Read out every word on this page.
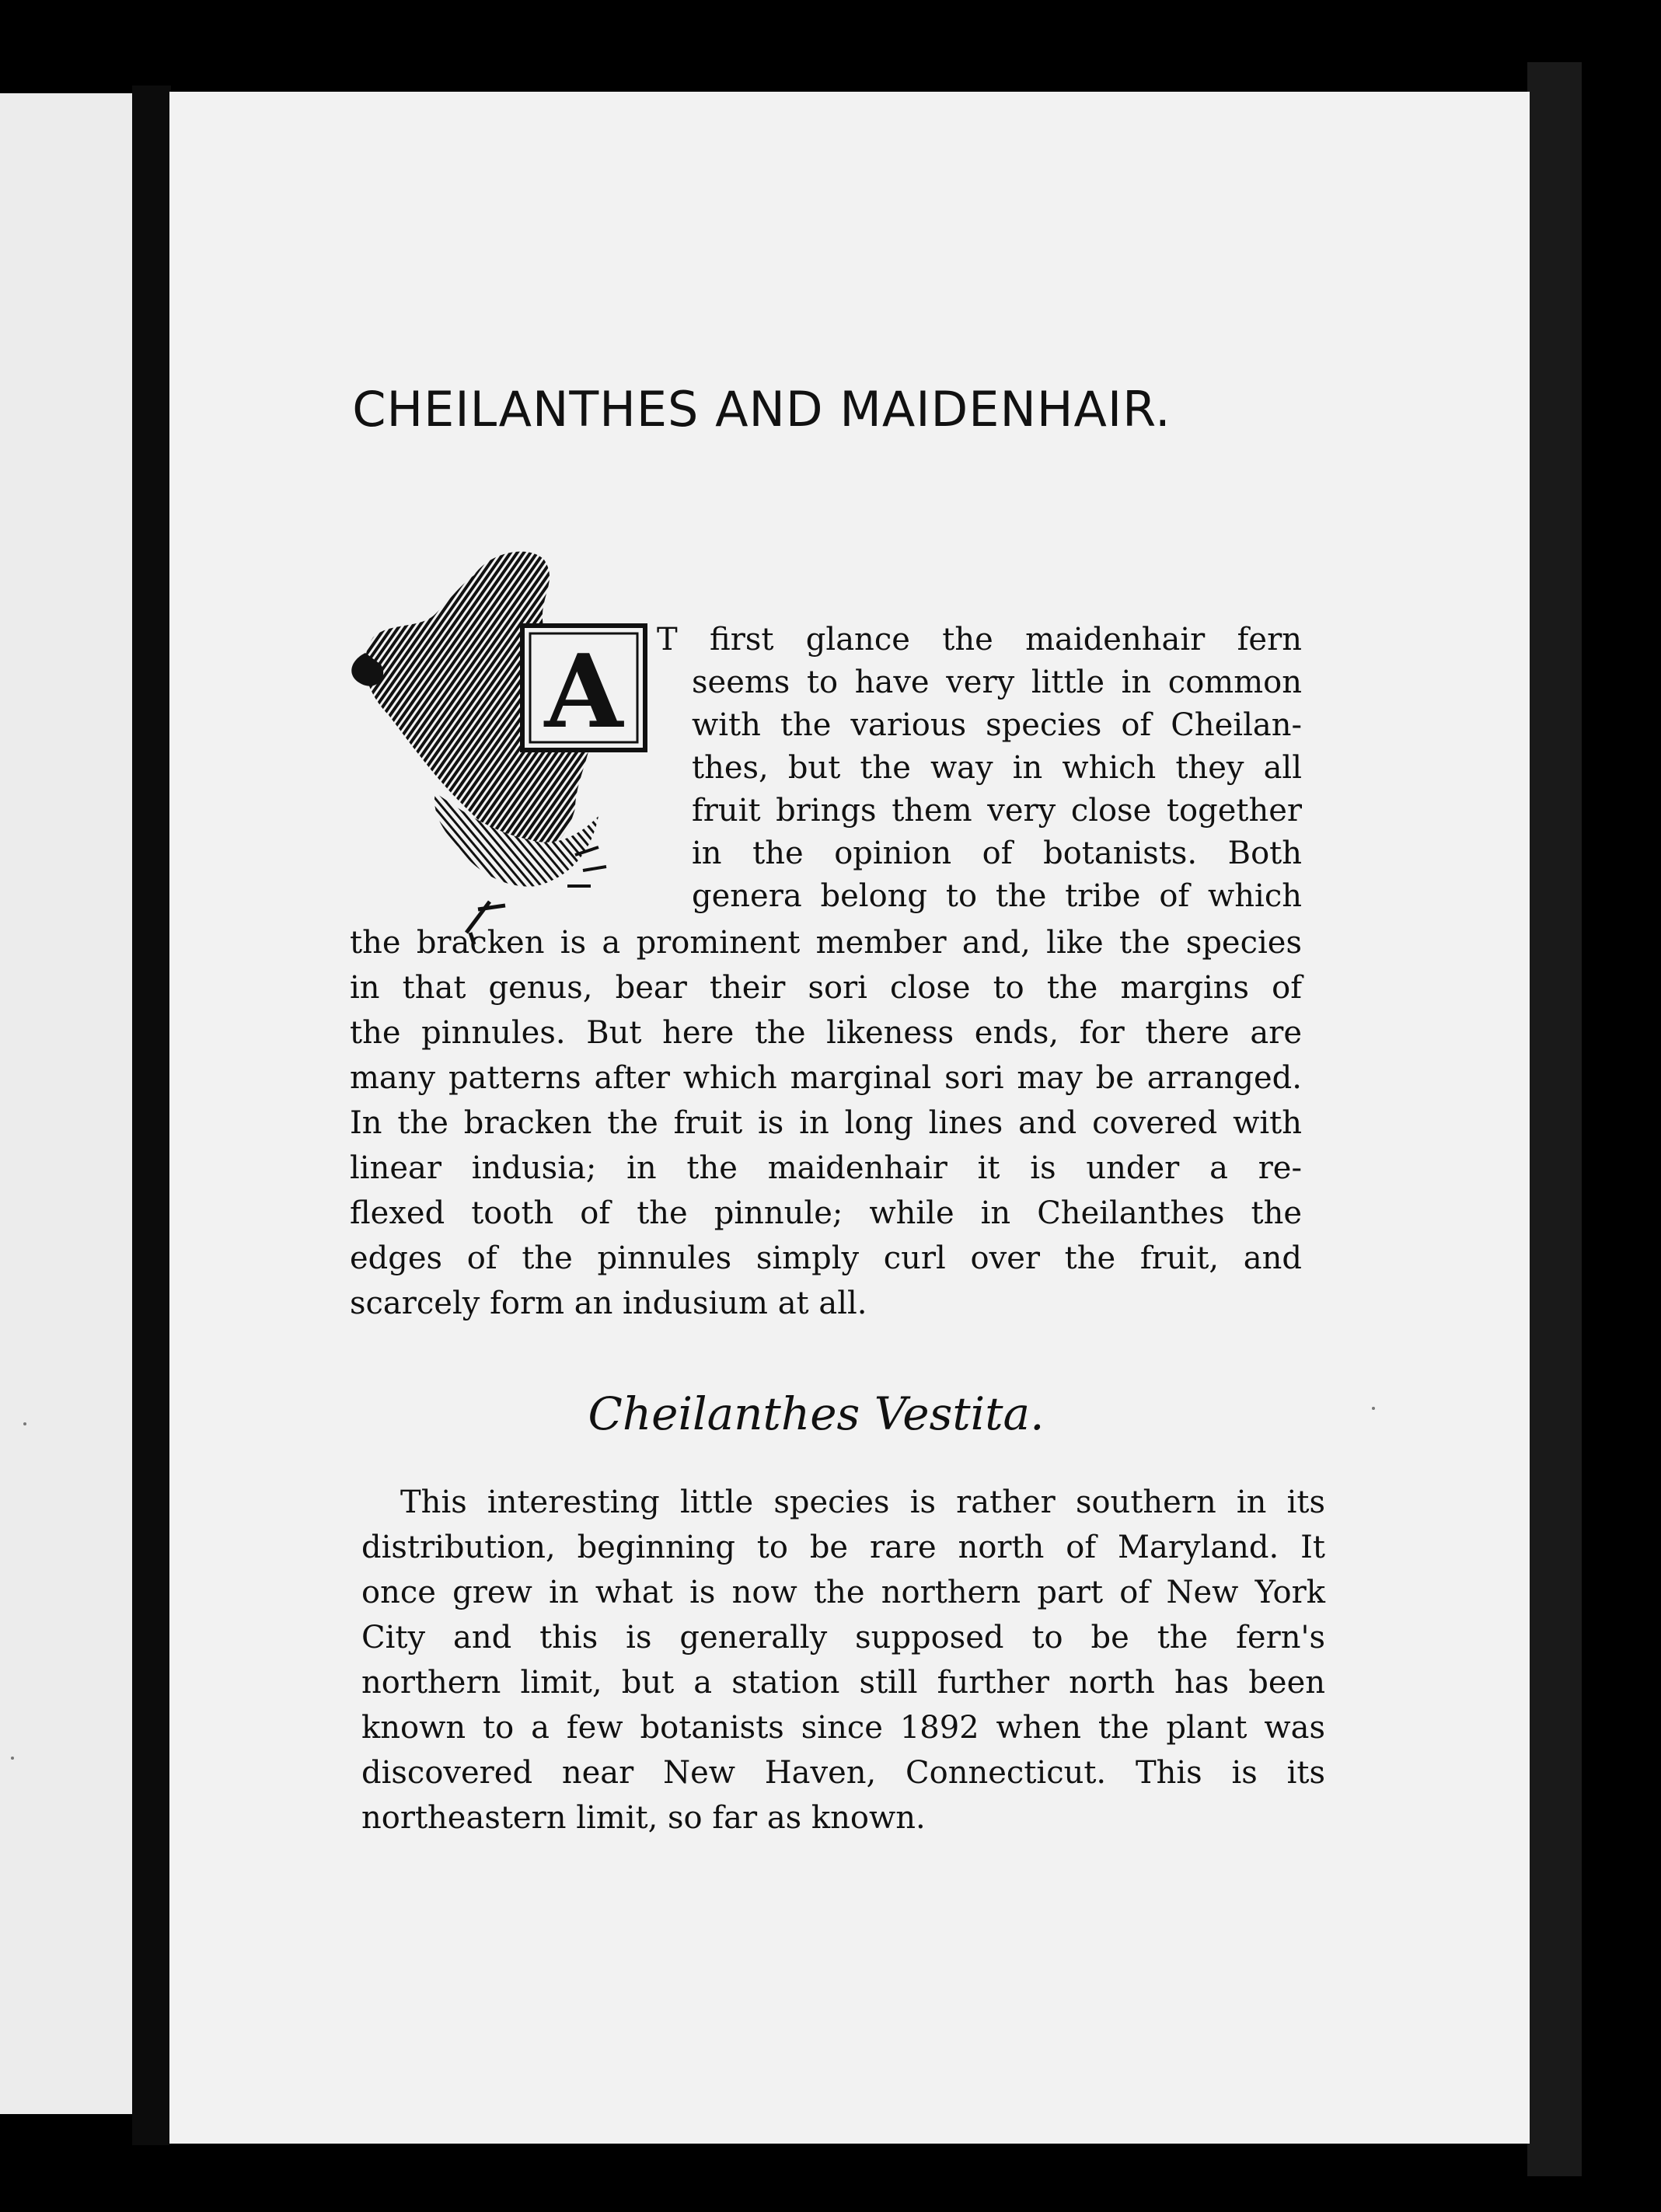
CHEILANTHES AND MAIDENHAIR.
A T first glance the maidenhair fern
seems to have very little in common
with the various species of Cheilan-
thes, but the way in which they all
fruit brings them very close together
in the opinion of botanists. Both
genera belong to the tribe of which
the bracken is a prominent member and, like the species
in that genus, bear their sori close to the margins of
the pinnules. But here the likeness ends, for there are
many patterns after which marginal sori may be arranged.
In the bracken the fruit is in long lines and covered with
linear indusia; in the maidenhair it is under a re-
flexed tooth of the pinnule; while in Cheilanthes the
edges of the pinnules simply curl over the fruit, and
scarcely form an indusium at all.
Cheilanthes Vestita.
This interesting little species is rather southern in its
distribution, beginning to be rare north of Maryland. It
once grew in what is now the northern part of New York
City and this is generally supposed to be the fern's
northern limit, but a station still further north has been
known to a few botanists since 1892 when the plant was
discovered near New Haven, Connecticut. This is its
northeastern limit, so far as known.
